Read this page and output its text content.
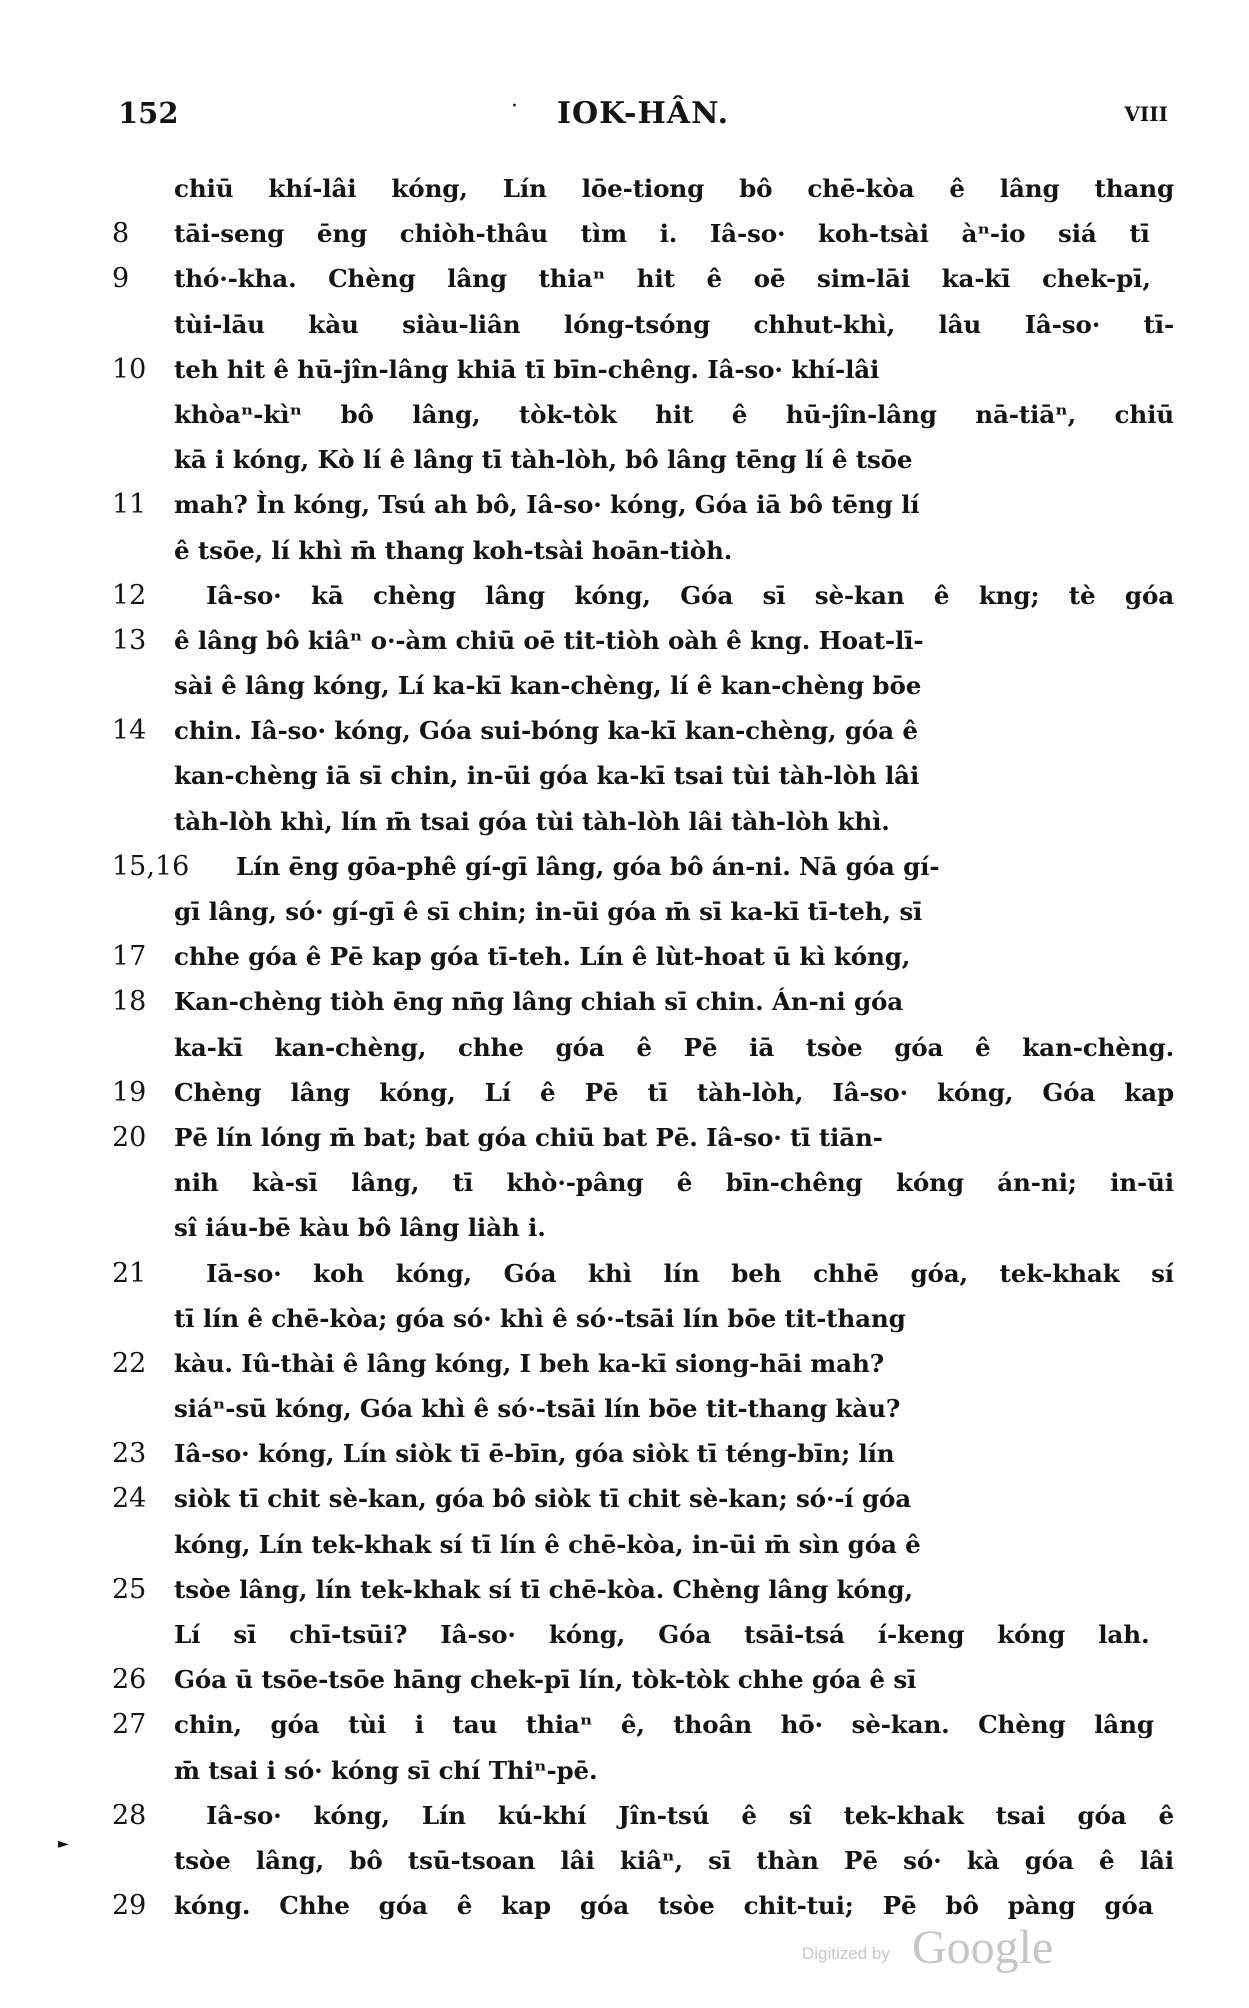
152	·	IOK-HÂN.	VIII
chiū khí-lâi kóng, Lín lōe-tiong bô chē-kòa ê lâng thang
8	tāi-seng ēng chiòh-thâu tìm i. Iâ-so· koh-tsài àⁿ-io siá tī
9	thó·-kha. Chèng lâng thiaⁿ hit ê oē sim-lāi ka-kī chek-pī,
tùi-lāu kàu siàu-liân lóng-tsóng chhut-khì, lâu Iâ-so· tī-
10	teh hit ê hū-jîn-lâng khiā tī bīn-chêng. Iâ-so· khí-lâi
khòaⁿ-kìⁿ bô lâng, tòk-tòk hit ê hū-jîn-lâng nā-tiāⁿ, chiū
kā i kóng, Kò lí ê lâng tī tàh-lòh, bô lâng tēng lí ê tsōe
11	mah? Ìn kóng, Tsú ah bô, Iâ-so· kóng, Góa iā bô tēng lí
ê tsōe, lí khì m̄ thang koh-tsài hoān-tiòh.
12	Iâ-so· kā chèng lâng kóng, Góa sī sè-kan ê kng; tè góa
13	ê lâng bô kiâⁿ o·-àm chiū oē tit-tiòh oàh ê kng. Hoat-lī-
sài ê lâng kóng, Lí ka-kī kan-chèng, lí ê kan-chèng bōe
14	chin. Iâ-so· kóng, Góa sui-bóng ka-kī kan-chèng, góa ê
kan-chèng iā sī chin, in-ūi góa ka-kī tsai tùi tàh-lòh lâi
tàh-lòh khì, lín m̄ tsai góa tùi tàh-lòh lâi tàh-lòh khì.
15,16 Lín ēng gōa-phê gí-gī lâng, góa bô án-ni. Nā góa gí-
gī lâng, só· gí-gī ê sī chin; in-ūi góa m̄ sī ka-kī tī-teh, sī
17	chhe góa ê Pē kap góa tī-teh. Lín ê lùt-hoat ū kì kóng,
18	Kan-chèng tiòh ēng nn̄g lâng chiah sī chin. Án-ni góa
ka-kī kan-chèng, chhe góa ê Pē iā tsòe góa ê kan-chèng.
19	Chèng lâng kóng, Lí ê Pē tī tàh-lòh, Iâ-so· kóng, Góa kap
20	Pē lín lóng m̄ bat; bat góa chiū bat Pē. Iâ-so· tī tiān-
nih kà-sī lâng, tī khò·-pâng ê bīn-chêng kóng án-ni; in-ūi
sî iáu-bē kàu bô lâng liàh i.
21	Iā-so· koh kóng, Góa khì lín beh chhē góa, tek-khak sí
tī lín ê chē-kòa; góa só· khì ê só·-tsāi lín bōe tit-thang
22	kàu. Iû-thài ê lâng kóng, I beh ka-kī siong-hāi mah?
siáⁿ-sū kóng, Góa khì ê só·-tsāi lín bōe tit-thang kàu?
23	Iâ-so· kóng, Lín siòk tī ē-bīn, góa siòk tī téng-bīn; lín
24	siòk tī chit sè-kan, góa bô siòk tī chit sè-kan; só·-í góa
kóng, Lín tek-khak sí tī lín ê chē-kòa, in-ūi m̄ sìn góa ê
25	tsòe lâng, lín tek-khak sí tī chē-kòa. Chèng lâng kóng,
Lí sī chī-tsūi? Iâ-so· kóng, Góa tsāi-tsá í-keng kóng lah.
26	Góa ū tsōe-tsōe hāng chek-pī lín, tòk-tòk chhe góa ê sī
27	chin, góa tùi i tau thiaⁿ ê, thoân hō· sè-kan. Chèng lâng
m̄ tsai i só· kóng sī chí Thiⁿ-pē.
28	Iâ-so· kóng, Lín kú-khí Jîn-tsú ê sî tek-khak tsai góa ê
tsòe lâng, bô tsū-tsoan lâi kiâⁿ, sī thàn Pē só· kà góa ê lâi
29	kóng. Chhe góa ê kap góa tsòe chit-tui; Pē bô pàng góa
►
Digitized by Google
